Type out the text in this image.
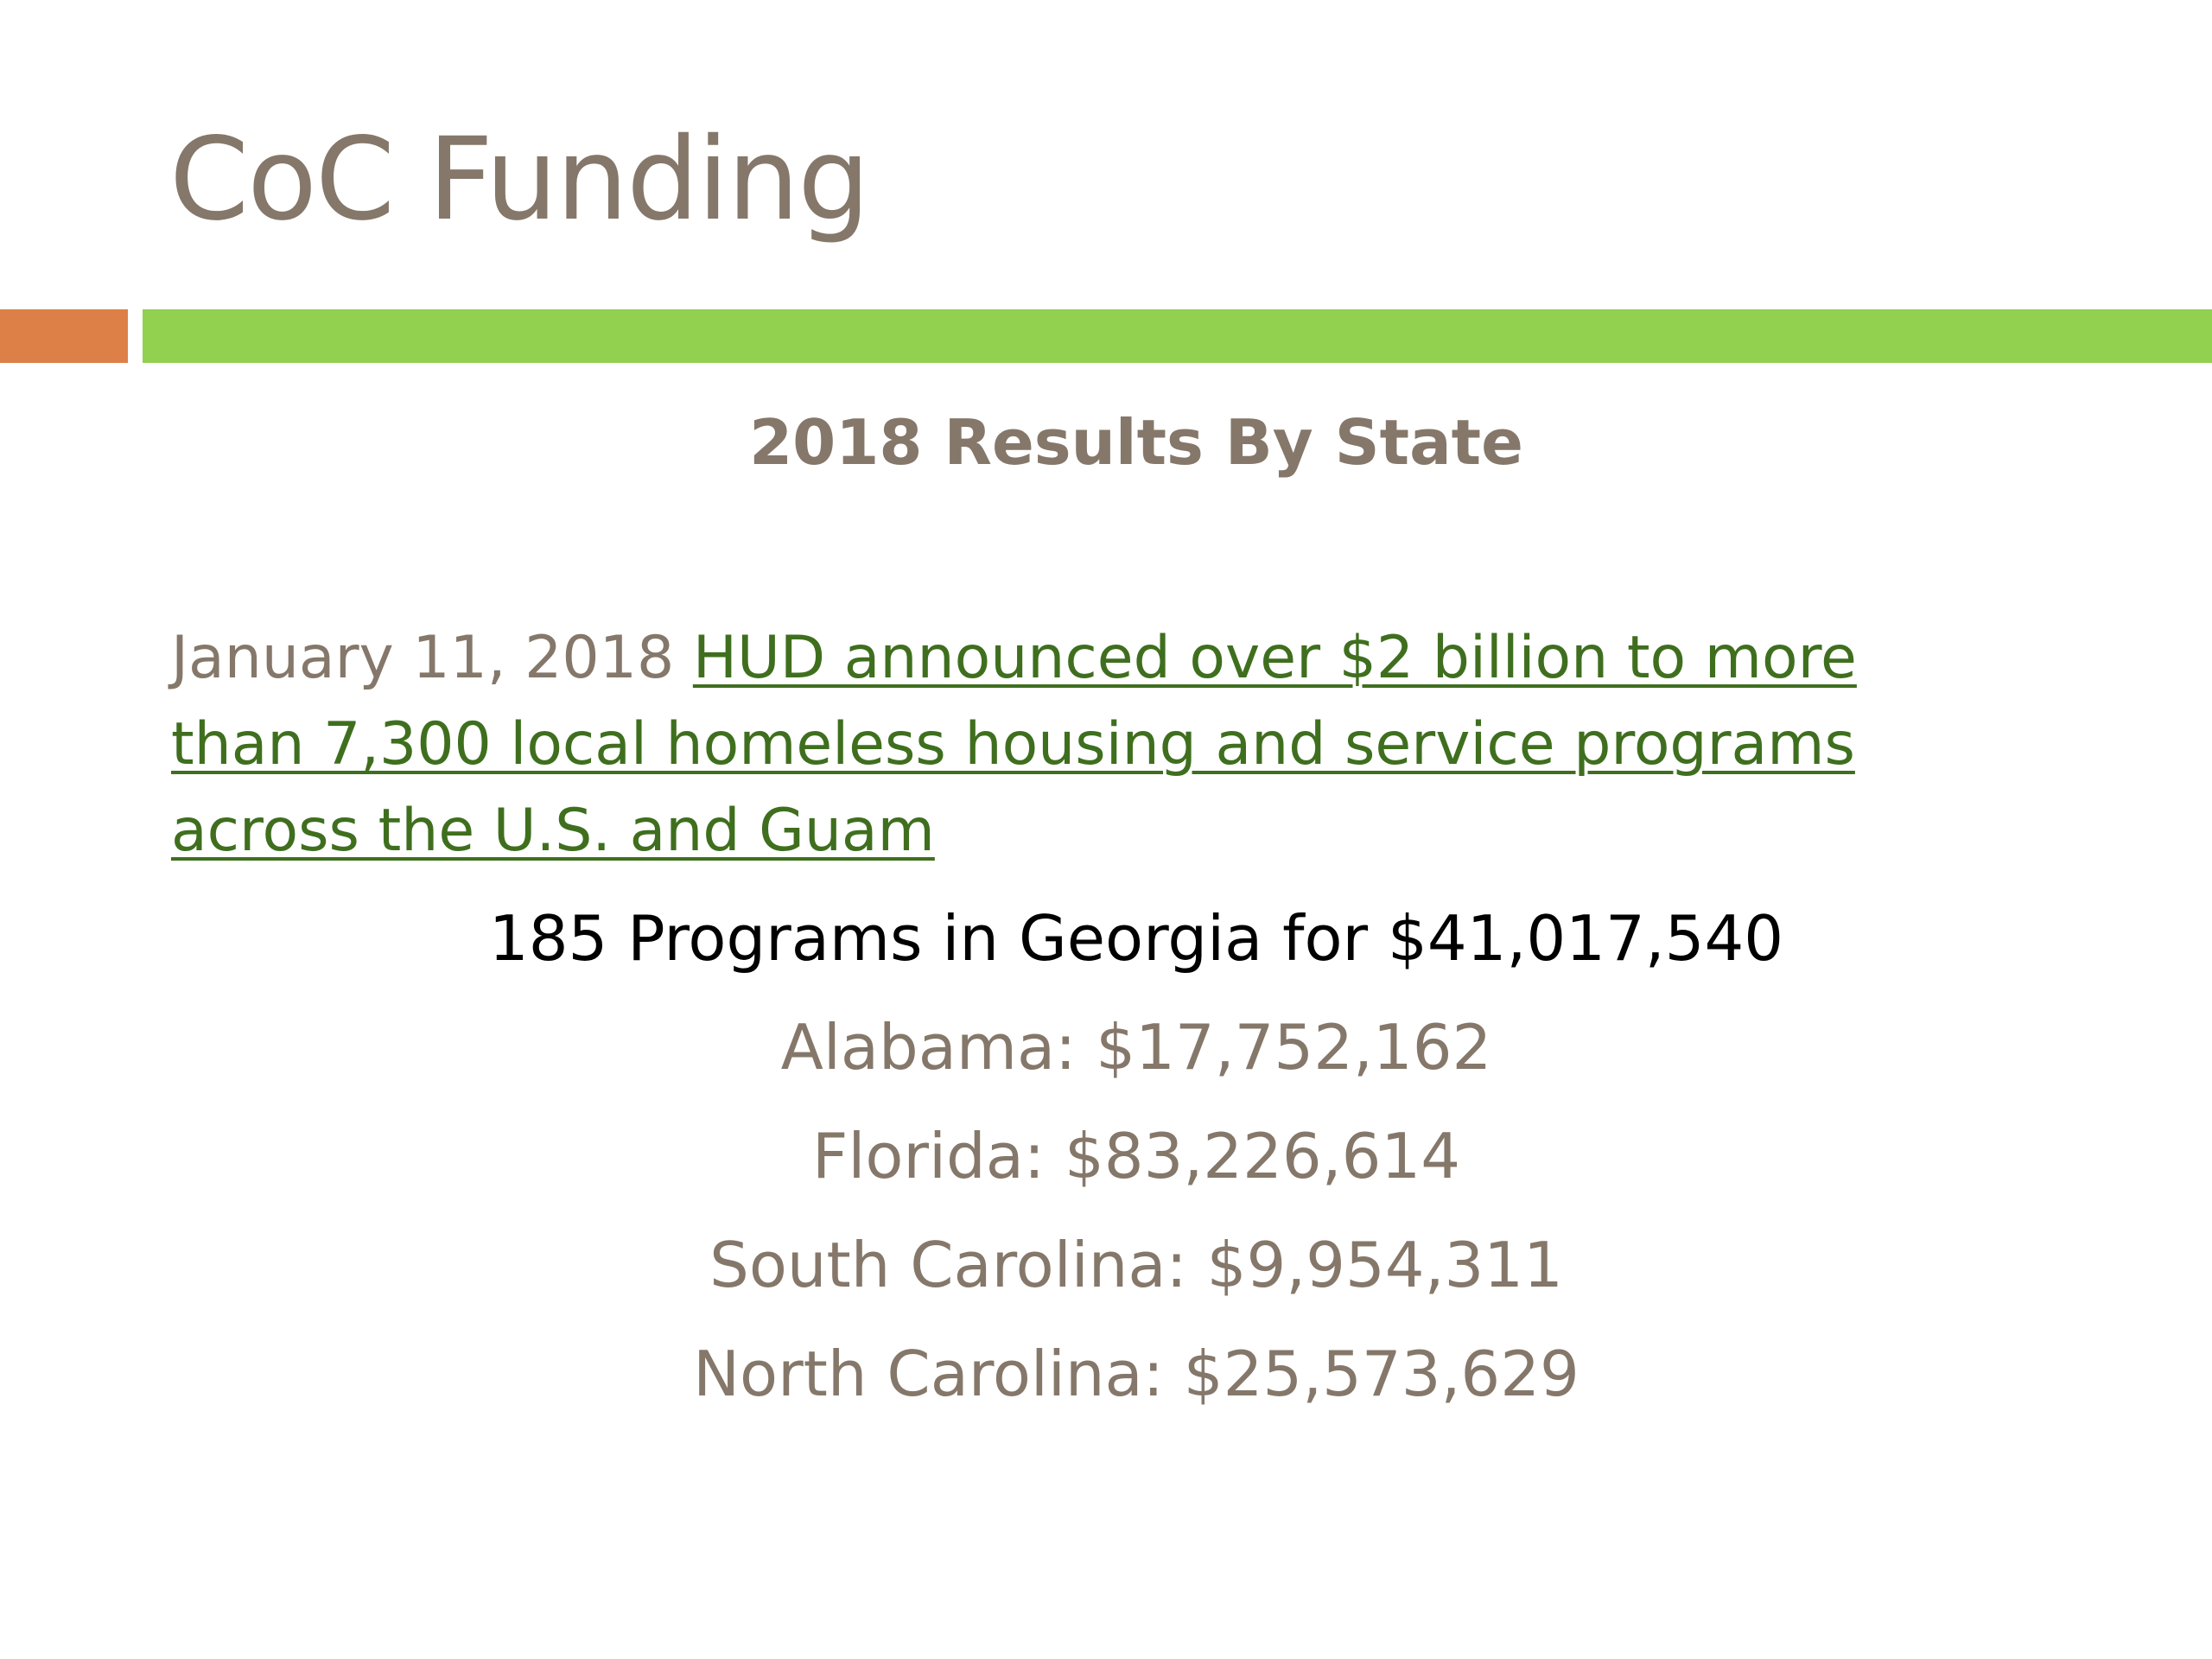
CoC Funding
2018 Results By State
January 11, 2018 HUD announced over $2 billion to more
than 7,300 local homeless housing and service programs
across the U.S. and Guam
185 Programs in Georgia for $41,017,540
Alabama: $17,752,162
Florida: $83,226,614
South Carolina: $9,954,311
North Carolina: $25,573,629
